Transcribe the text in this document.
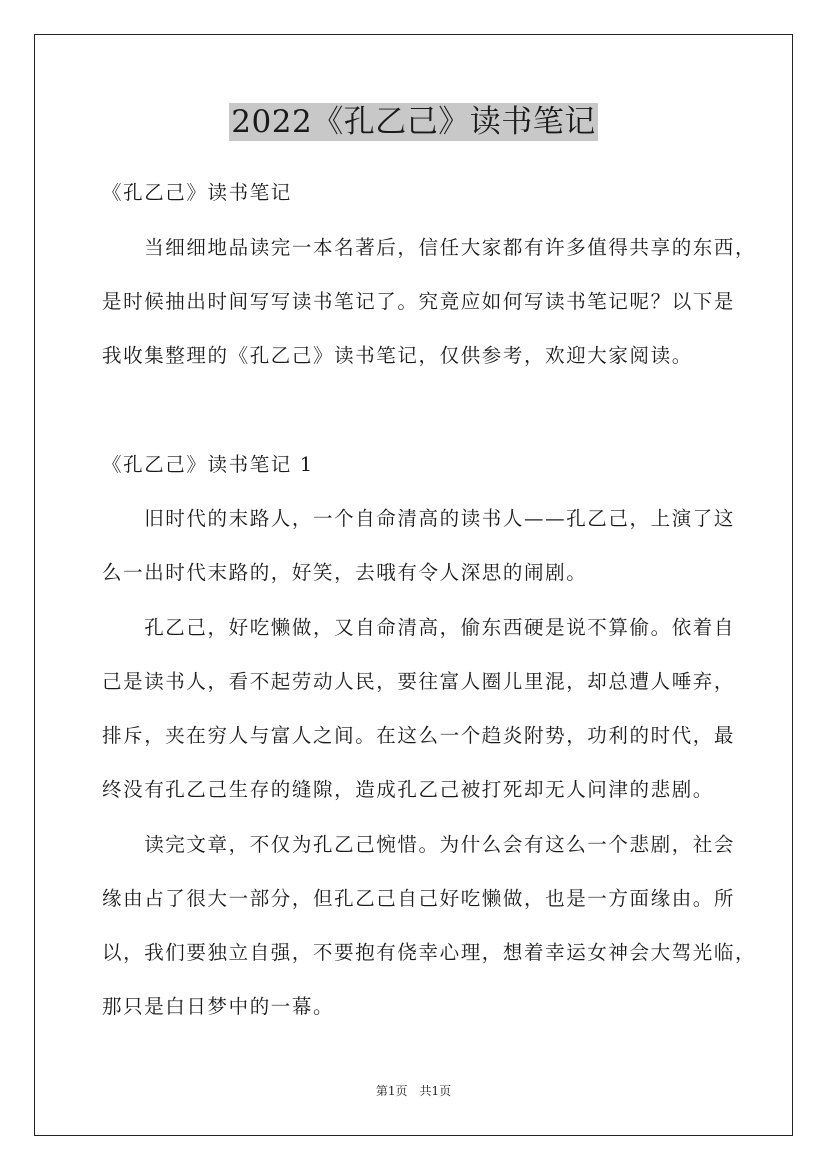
2022《孔乙己》读书笔记

《孔乙己》读书笔记

　　当细细地品读完一本名著后，信任大家都有许多值得共享的东西，

是时候抽出时间写写读书笔记了。究竟应如何写读书笔记呢？以下是

我收集整理的《孔乙己》读书笔记，仅供参考，欢迎大家阅读。

《孔乙己》读书笔记 1

　　旧时代的末路人，一个自命清高的读书人——孔乙己，上演了这

么一出时代末路的，好笑，去哦有令人深思的闹剧。

　　孔乙己，好吃懒做，又自命清高，偷东西硬是说不算偷。依着自

己是读书人，看不起劳动人民，要往富人圈儿里混，却总遭人唾弃，

排斥，夹在穷人与富人之间。在这么一个趋炎附势，功利的时代，最

终没有孔乙己生存的缝隙，造成孔乙己被打死却无人问津的悲剧。

　　读完文章，不仅为孔乙己惋惜。为什么会有这么一个悲剧，社会

缘由占了很大一部分，但孔乙己自己好吃懒做，也是一方面缘由。所

以，我们要独立自强，不要抱有侥幸心理，想着幸运女神会大驾光临，

那只是白日梦中的一幕。

第1页　共1页
